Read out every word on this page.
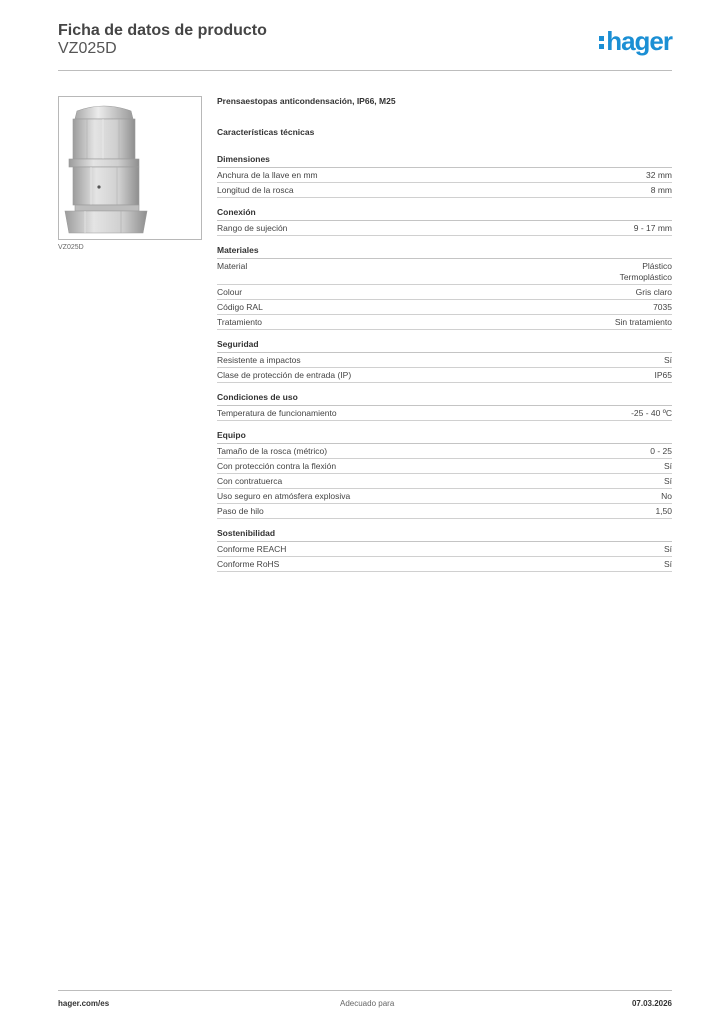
Ficha de datos de producto
VZ025D	hager
VZ025D
Prensaestopas anticondensación, IP66, M25
Características técnicas
Dimensiones
Anchura de la llave en mm	32 mm
Longitud de la rosca	8 mm
Conexión
Rango de sujeción	9 - 17 mm
Materiales
Material	Plástico
Termoplástico
Colour	Gris claro
Código RAL	7035
Tratamiento	Sin tratamiento
Seguridad
Resistente a impactos	Sí
Clase de protección de entrada (IP)	IP65
Condiciones de uso
Temperatura de funcionamiento	-25 - 40 ºC
Equipo
Tamaño de la rosca (métrico)	0 - 25
Con protección contra la flexión	Sí
Con contratuerca	Sí
Uso seguro en atmósfera explosiva	No
Paso de hilo	1,50
Sostenibilidad
Conforme REACH	Sí
Conforme RoHS	Sí
hager.com/es	Adecuado para	07.03.2026
